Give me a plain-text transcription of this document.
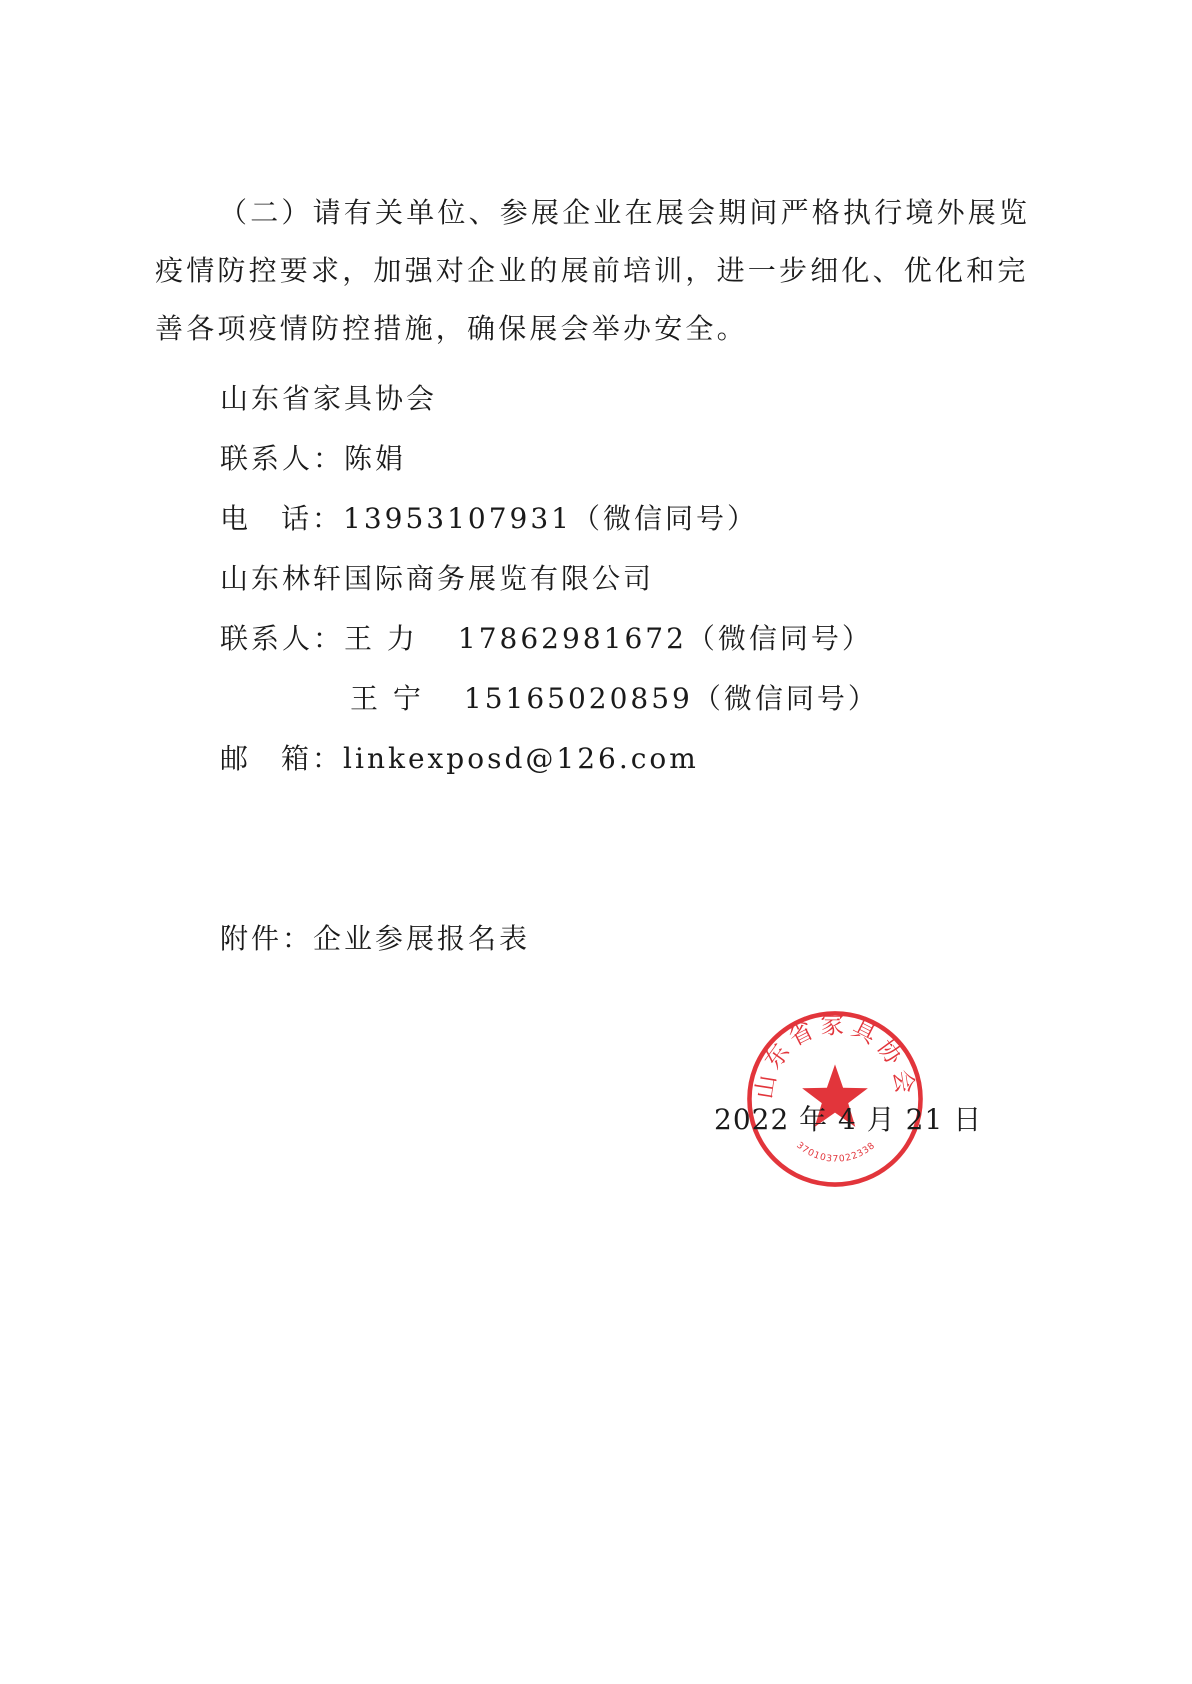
（二）请有关单位、参展企业在展会期间严格执行境外展览疫情防控要求，加强对企业的展前培训，进一步细化、优化和完善各项疫情防控措施，确保展会举办安全。

山东省家具协会
联系人：陈娟
电 话：13953107931（微信同号）
山东林轩国际商务展览有限公司
联系人：王 力 17862981672（微信同号）
王 宁 15165020859（微信同号）
邮 箱：linkexposd@126.com
附件：企业参展报名表
山东省家具协会
3701037022338
2022 年 4 月 21 日
